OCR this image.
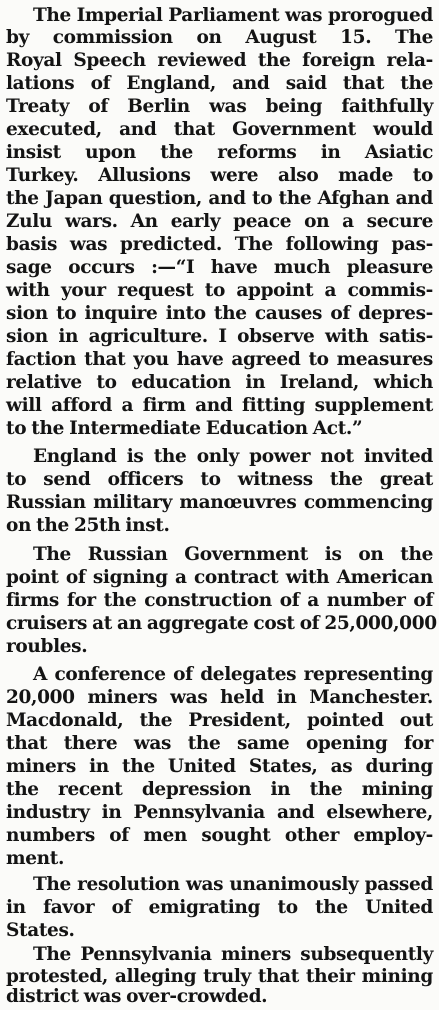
The Imperial Parliament was prorogued
by commission on August 15. The
Royal Speech reviewed the foreign rela-
lations of England, and said that the
Treaty of Berlin was being faithfully
executed, and that Government would
insist upon the reforms in Asiatic
Turkey. Allusions were also made to
the Japan question, and to the Afghan and
Zulu wars. An early peace on a secure
basis was predicted. The following pas-
sage occurs :—“I have much pleasure
with your request to appoint a commis-
sion to inquire into the causes of depres-
sion in agriculture. I observe with satis-
faction that you have agreed to measures
relative to education in Ireland, which
will afford a firm and fitting supplement
to the Intermediate Education Act.”
England is the only power not invited
to send officers to witness the great
Russian military manœuvres commencing
on the 25th inst.
The Russian Government is on the
point of signing a contract with American
firms for the construction of a number of
cruisers at an aggregate cost of 25,000,000
roubles.
A conference of delegates representing
20,000 miners was held in Manchester.
Macdonald, the President, pointed out
that there was the same opening for
miners in the United States, as during
the recent depression in the mining
industry in Pennsylvania and elsewhere,
numbers of men sought other employ-
ment.
The resolution was unanimously passed
in favor of emigrating to the United
States.
The Pennsylvania miners subsequently
protested, alleging truly that their mining
district was over-crowded.
